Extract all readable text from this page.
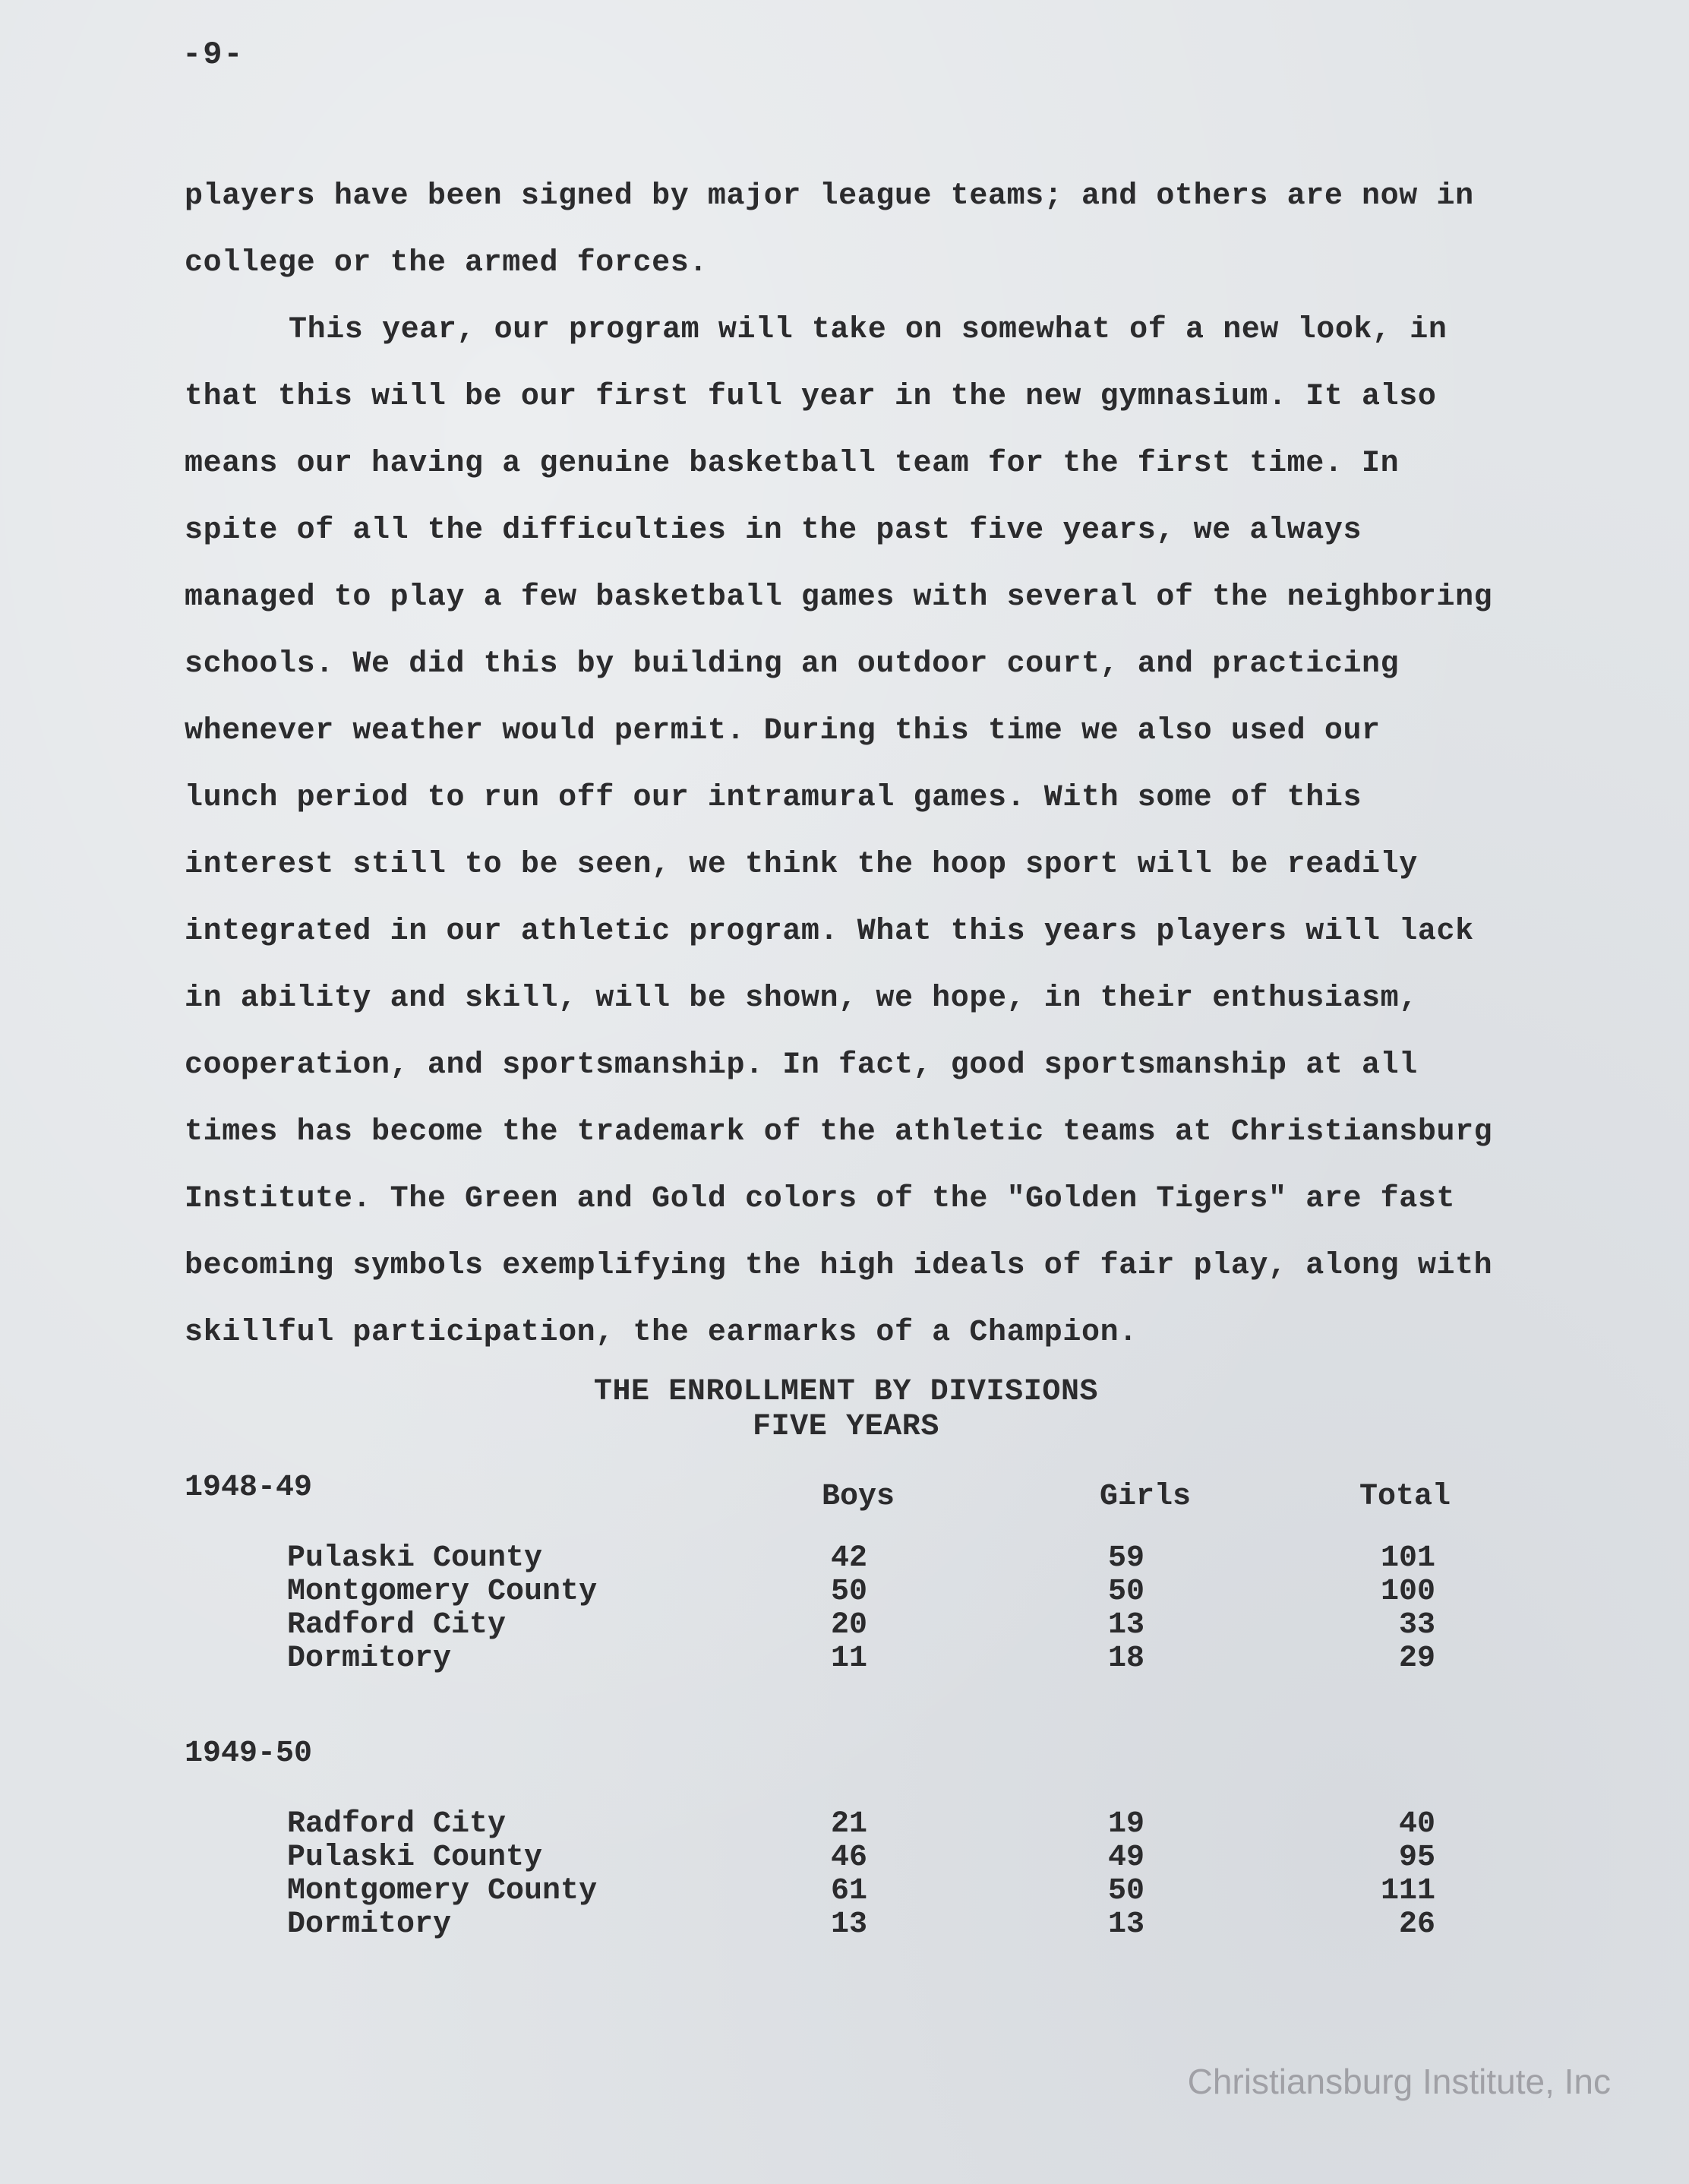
-9-
players have been signed by major league teams; and others are now in
college or the armed forces.
This year, our program will take on somewhat of a new look, in
that this will be our first full year in the new gymnasium. It also
means our having a genuine basketball team for the first time. In
spite of all the difficulties in the past five years, we always
managed to play a few basketball games with several of the neighboring
schools. We did this by building an outdoor court, and practicing
whenever weather would permit. During this time we also used our
lunch period to run off our intramural games. With some of this
interest still to be seen, we think the hoop sport will be readily
integrated in our athletic program. What this years players will lack
in ability and skill, will be shown, we hope, in their enthusiasm,
cooperation, and sportsmanship. In fact, good sportsmanship at all
times has become the trademark of the athletic teams at Christiansburg
Institute. The Green and Gold colors of the "Golden Tigers" are fast
becoming symbols exemplifying the high ideals of fair play, along with
skillful participation, the earmarks of a Champion.
THE ENROLLMENT BY DIVISIONS
FIVE YEARS
1948-49	Boys	Girls	Total
Pulaski County	42	59	101
Montgomery County	50	50	100
Radford City	20	13	33
Dormitory	11	18	29
1949-50
Radford City	21	19	40
Pulaski County	46	49	95
Montgomery County	61	50	111
Dormitory	13	13	26
Christiansburg Institute, Inc
